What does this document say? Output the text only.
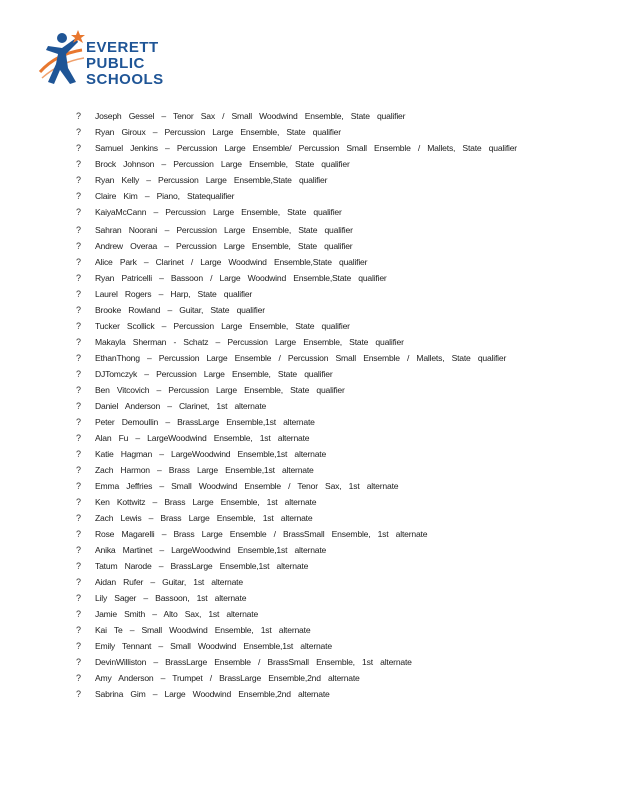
EVERETT
PUBLIC
SCHOOLS
?	Joseph Gessel – Tenor Sax / Small Woodwind Ensemble, State qualifier
?	Ryan Giroux – Percussion Large Ensemble, State qualifier
?	Samuel Jenkins – Percussion Large Ensemble/ Percussion Small Ensemble / Mallets, State qualifier
?	Brock Johnson – Percussion Large Ensemble, State qualifier
?	Ryan Kelly – Percussion Large Ensemble,State qualifier
?	Claire Kim – Piano, Statequalifier
?	KaiyaMcCann – Percussion Large Ensemble, State qualifier
?	Sahran Noorani – Percussion Large Ensemble, State qualifier
?	Andrew Overaa – Percussion Large Ensemble, State qualifier
?	Alice Park – Clarinet / Large Woodwind Ensemble,State qualifier
?	Ryan Patricelli – Bassoon / Large Woodwind Ensemble,State qualifier
?	Laurel Rogers – Harp, State qualifier
?	Brooke Rowland – Guitar, State qualifier
?	Tucker Scollick – Percussion Large Ensemble, State qualifier
?	Makayla Sherman - Schatz – Percussion Large Ensemble, State qualifier
?	EthanThong – Percussion Large Ensemble / Percussion Small Ensemble / Mallets, State qualifier
?	DJTomczyk – Percussion Large Ensemble, State qualifier
?	Ben Vitcovich – Percussion Large Ensemble, State qualifier
?	Daniel Anderson – Clarinet, 1st alternate
?	Peter Demoullin – BrassLarge Ensemble,1st alternate
?	Alan Fu – LargeWoodwind Ensemble, 1st alternate
?	Katie Hagman – LargeWoodwind Ensemble,1st alternate
?	Zach Harmon – Brass Large Ensemble,1st alternate
?	Emma Jeffries – Small Woodwind Ensemble / Tenor Sax, 1st alternate
?	Ken Kottwitz – Brass Large Ensemble, 1st alternate
?	Zach Lewis – Brass Large Ensemble, 1st alternate
?	Rose Magarelli – Brass Large Ensemble / BrassSmall Ensemble, 1st alternate
?	Anika Martinet – LargeWoodwind Ensemble,1st alternate
?	Tatum Narode – BrassLarge Ensemble,1st alternate
?	Aidan Rufer – Guitar, 1st alternate
?	Lily Sager – Bassoon, 1st alternate
?	Jamie Smith – Alto Sax, 1st alternate
?	Kai Te – Small Woodwind Ensemble, 1st alternate
?	Emily Tennant – Small Woodwind Ensemble,1st alternate
?	DevinWilliston – BrassLarge Ensemble / BrassSmall Ensemble, 1st alternate
?	Amy Anderson – Trumpet / BrassLarge Ensemble,2nd alternate
?	Sabrina Gim – Large Woodwind Ensemble,2nd alternate
